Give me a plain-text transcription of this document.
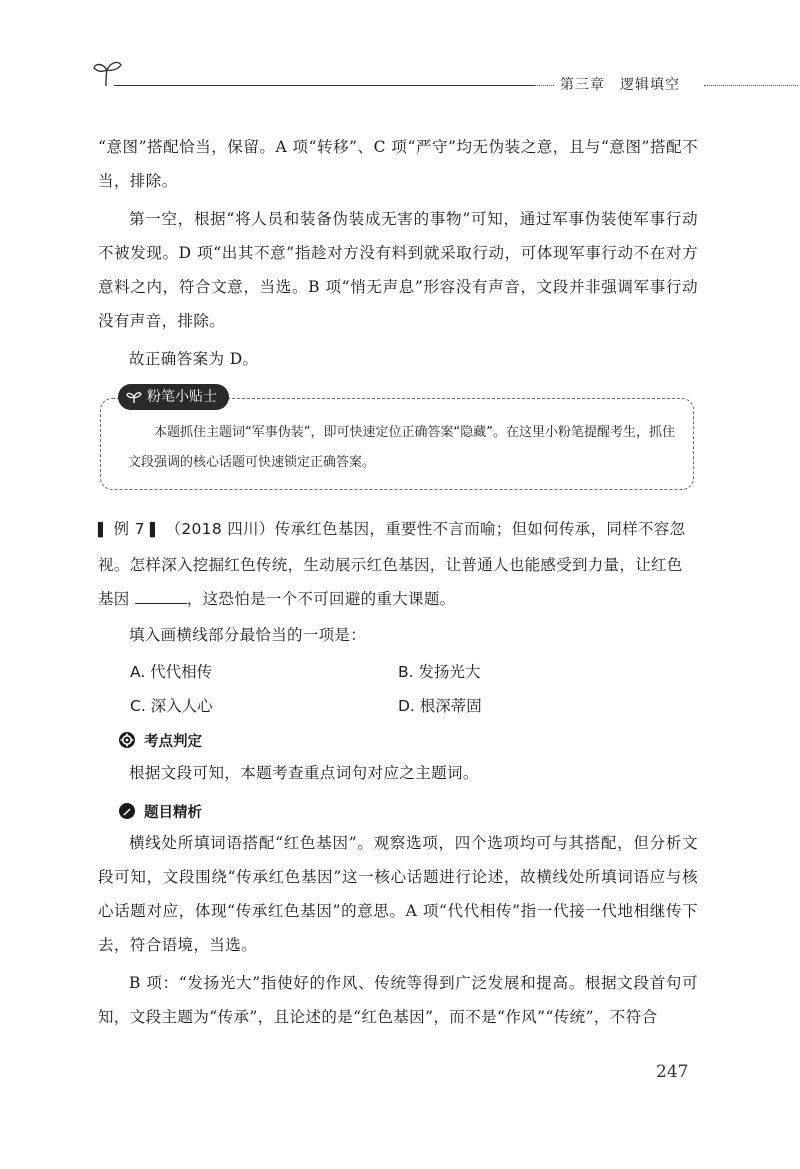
第三章　逻辑填空

“意图”搭配恰当，保留。A 项“转移”、C 项“严守”均无伪装之意，且与“意图”搭配不当，排除。

第一空，根据“将人员和装备伪装成无害的事物”可知，通过军事伪装使军事行动不被发现。D 项“出其不意”指趁对方没有料到就采取行动，可体现军事行动不在对方意料之内，符合文意，当选。B 项“悄无声息”形容没有声音，文段并非强调军事行动没有声音，排除。

故正确答案为 D。

粉笔小贴士

本题抓住主题词“军事伪装”，即可快速定位正确答案“隐藏”。在这里小粉笔提醒考生，抓住文段强调的核心话题可快速锁定正确答案。

▌ 例 7 ▌ （2018 四川）传承红色基因，重要性不言而喻；但如何传承，同样不容忽视。怎样深入挖掘红色传统，生动展示红色基因，让普通人也能感受到力量，让红色基因	，这恐怕是一个不可回避的重大课题。

填入画横线部分最恰当的一项是：

A. 代代相传	B. 发扬光大
C. 深入人心	D. 根深蒂固
考点判定

根据文段可知，本题考查重点词句对应之主题词。

题目精析

横线处所填词语搭配“红色基因”。观察选项，四个选项均可与其搭配，但分析文段可知，文段围绕“传承红色基因”这一核心话题进行论述，故横线处所填词语应与核心话题对应，体现“传承红色基因”的意思。A 项“代代相传”指一代接一代地相继传下去，符合语境，当选。

B 项：“发扬光大”指使好的作风、传统等得到广泛发展和提高。根据文段首句可知，文段主题为“传承”，且论述的是“红色基因”，而不是“作风”“传统”，不符合

247
